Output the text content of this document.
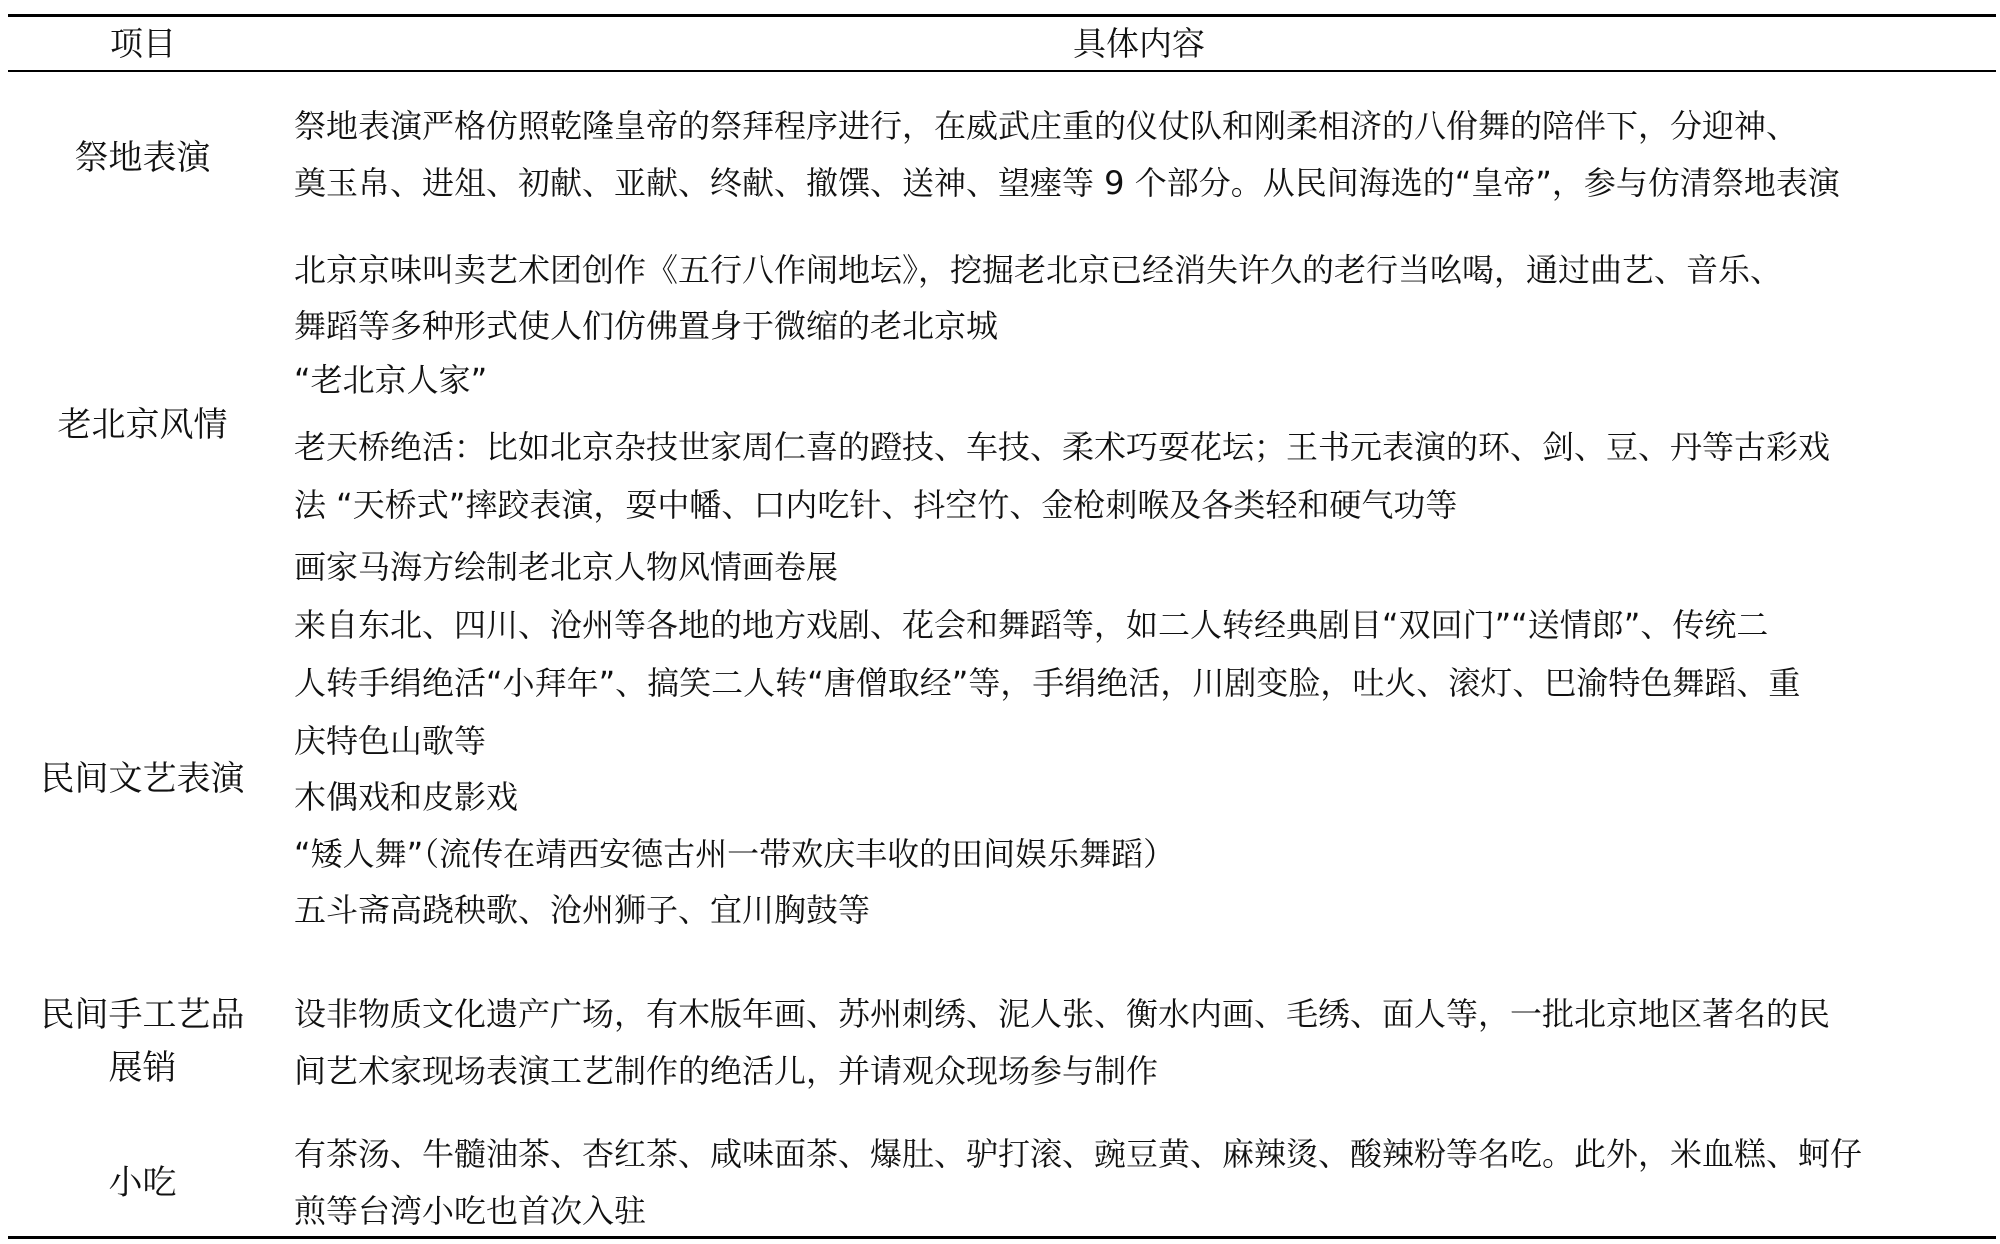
项目	具体内容
祭地表演
祭地表演严格仿照乾隆皇帝的祭拜程序进行，在威武庄重的仪仗队和刚柔相济的八佾舞的陪伴下，分迎神、
奠玉帛、进俎、初献、亚献、终献、撤馔、送神、望瘗等 9 个部分。从民间海选的“皇帝”，参与仿清祭地表演
老北京风情
北京京味叫卖艺术团创作《五行八作闹地坛》，挖掘老北京已经消失许久的老行当吆喝，通过曲艺、音乐、
舞蹈等多种形式使人们仿佛置身于微缩的老北京城
“老北京人家”
老天桥绝活：比如北京杂技世家周仁喜的蹬技、车技、柔术巧耍花坛；王书元表演的环、剑、豆、丹等古彩戏
法 “天桥式”摔跤表演，耍中幡、口内吃针、抖空竹、金枪刺喉及各类轻和硬气功等
画家马海方绘制老北京人物风情画卷展
民间文艺表演
来自东北、四川、沧州等各地的地方戏剧、花会和舞蹈等，如二人转经典剧目“双回门”“送情郎”、传统二
人转手绢绝活“小拜年”、搞笑二人转“唐僧取经”等，手绢绝活，川剧变脸，吐火、滚灯、巴渝特色舞蹈、重
庆特色山歌等
木偶戏和皮影戏
“矮人舞”（流传在靖西安德古州一带欢庆丰收的田间娱乐舞蹈）
五斗斋高跷秧歌、沧州狮子、宜川胸鼓等
民间手工艺品
展销
设非物质文化遗产广场，有木版年画、苏州刺绣、泥人张、衡水内画、毛绣、面人等，一批北京地区著名的民
间艺术家现场表演工艺制作的绝活儿，并请观众现场参与制作
小吃
有茶汤、牛髓油茶、杏红茶、咸味面茶、爆肚、驴打滚、豌豆黄、麻辣烫、酸辣粉等名吃。此外，米血糕、蚵仔
煎等台湾小吃也首次入驻
